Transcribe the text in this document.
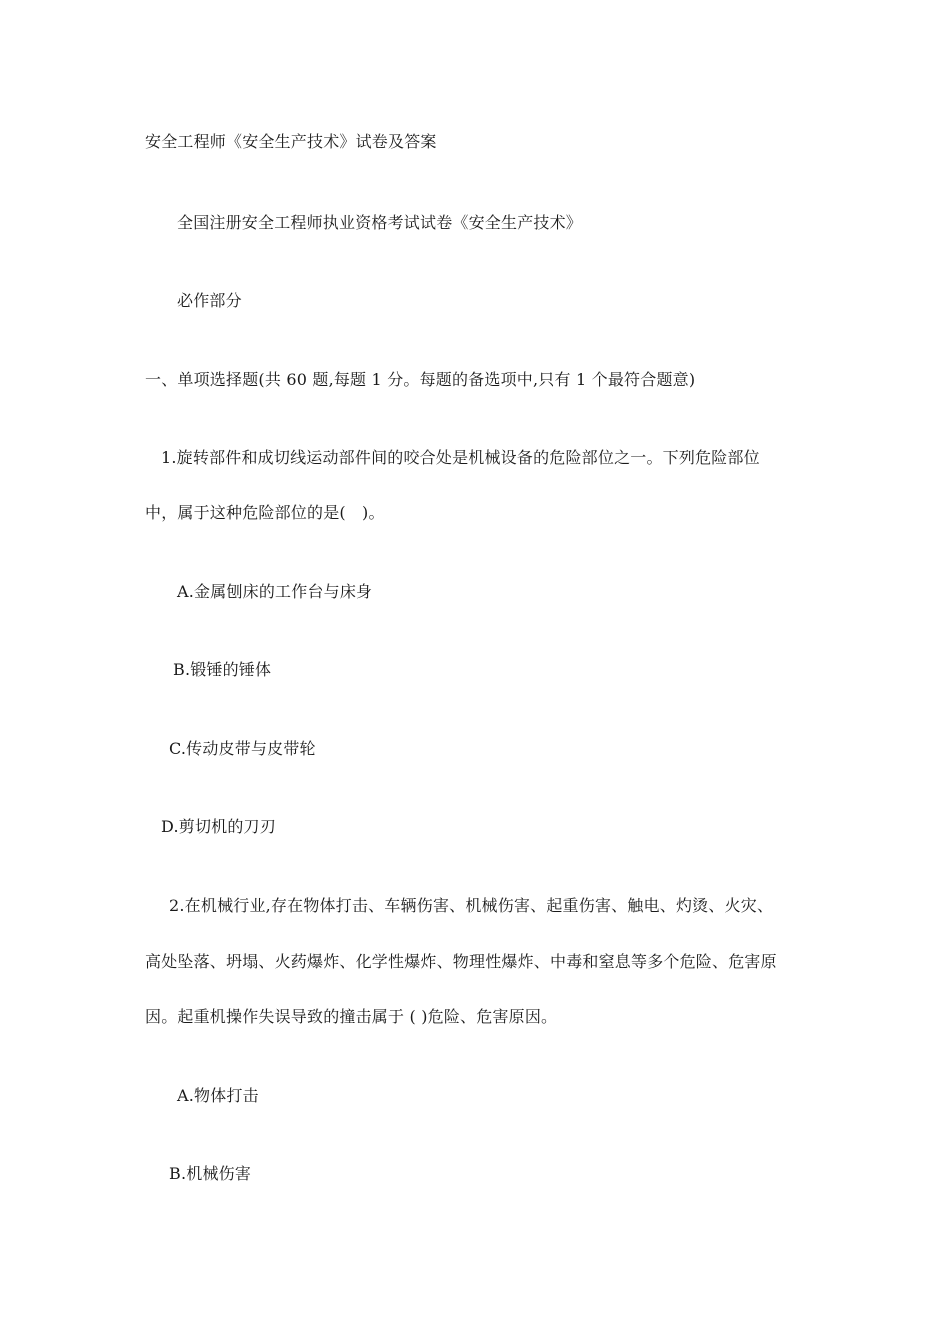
安全工程师《安全生产技术》试卷及答案
全国注册安全工程师执业资格考试试卷《安全生产技术》
必作部分
一、单项选择题(共 60 题,每题 1 分。每题的备选项中,只有 1 个最符合题意)
1.旋转部件和成切线运动部件间的咬合处是机械设备的危险部位之一。下列危险部位
中，属于这种危险部位的是(　)。
A.金属刨床的工作台与床身
B.锻锤的锤体
C.传动皮带与皮带轮
D.剪切机的刀刃
2.在机械行业,存在物体打击、车辆伤害、机械伤害、起重伤害、触电、灼烫、火灾、
高处坠落、坍塌、火药爆炸、化学性爆炸、物理性爆炸、中毒和窒息等多个危险、危害原
因。起重机操作失误导致的撞击属于 ( )危险、危害原因。
A.物体打击
B.机械伤害
